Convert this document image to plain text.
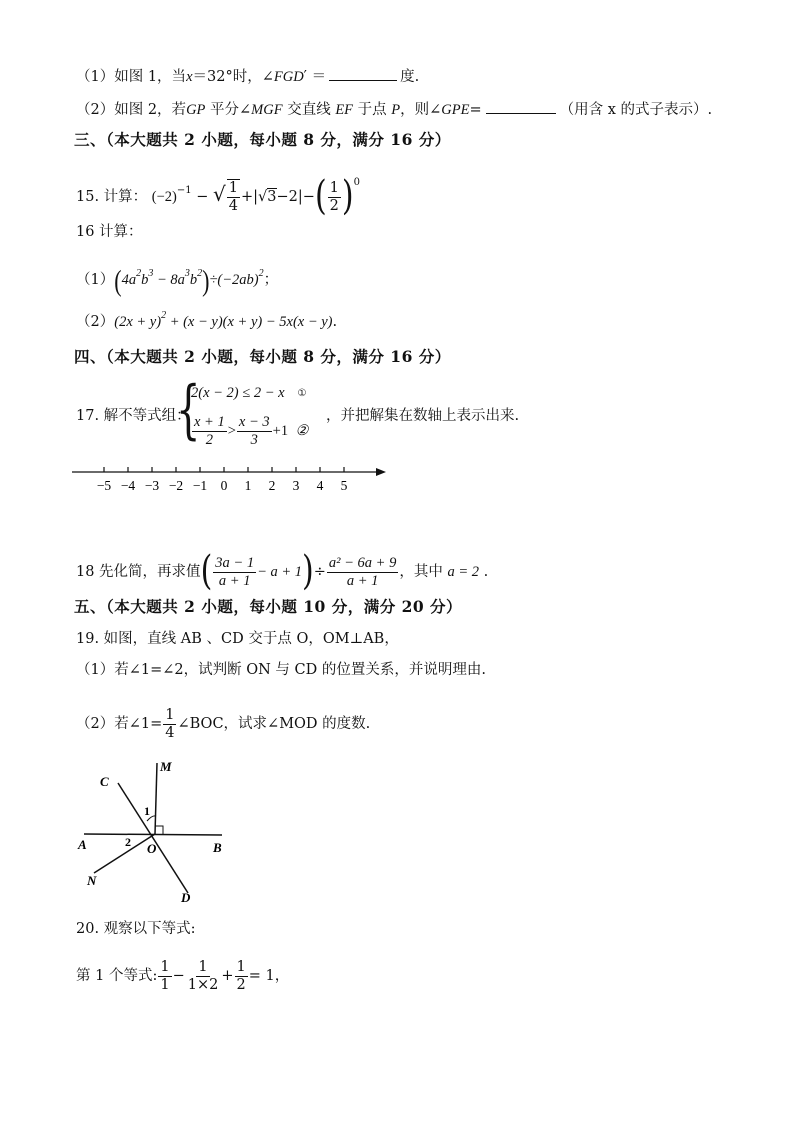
（1）如图 1，当x＝32°时，∠FGD′ ＝	度.
（2）如图 2，若GP 平分∠MGF 交直线 EF 于点 P，则∠GPE=	（用含 x 的式子表示）.
三、（本大题共 2 小题，每小题 8 分，满分 16 分）
15. 计算： $(-2)^{-1}$ − √ $\frac{1}{4} +|√3-2|-( \frac{1}{2} )^0$
16 计算：
$(1)(4a^2b^3 - 8a^3b^2)\div(-2ab)^2$；
$(2)(2x + y)^2 + (x - y)(x + y) - 5x(x - y)$.
四、（本大题共 2 小题，每小题 8 分，满分 16 分）
17. 解不等式组：
{
2(x − 2) ≤ 2 − x ①
$\frac{x + 1}{2} > \frac{x - 3}{3} +1$ ②
，并把解集在数轴上表示出来.
−5 −4 −3 −2 −1 0 1 2 3 4 5
18 先化简，再求值( $\frac{3a - 1}{a + 1} - a + 1)\div \frac{\text{a² − 6a + 9}}{a + 1}$ ，其中 a = 2 .
五、（本大题共 2 小题，每小题 10 分，满分 20 分）
19. 如图，直线 AB 、CD 交于点 O，OM⊥AB，
（1）若∠1=∠2，试判断 ON 与 CD 的位置关系，并说明理由.
（2）若∠1= $\frac{1}{4}$ ∠BOC，试求∠MOD 的度数.
C
M
A	B
O
N
D
1
2
20. 观察以下等式:
第 1 个等式: $\frac{1}{1} - \frac{1}{1\times 2} + \frac{1}{2} = 1$，
